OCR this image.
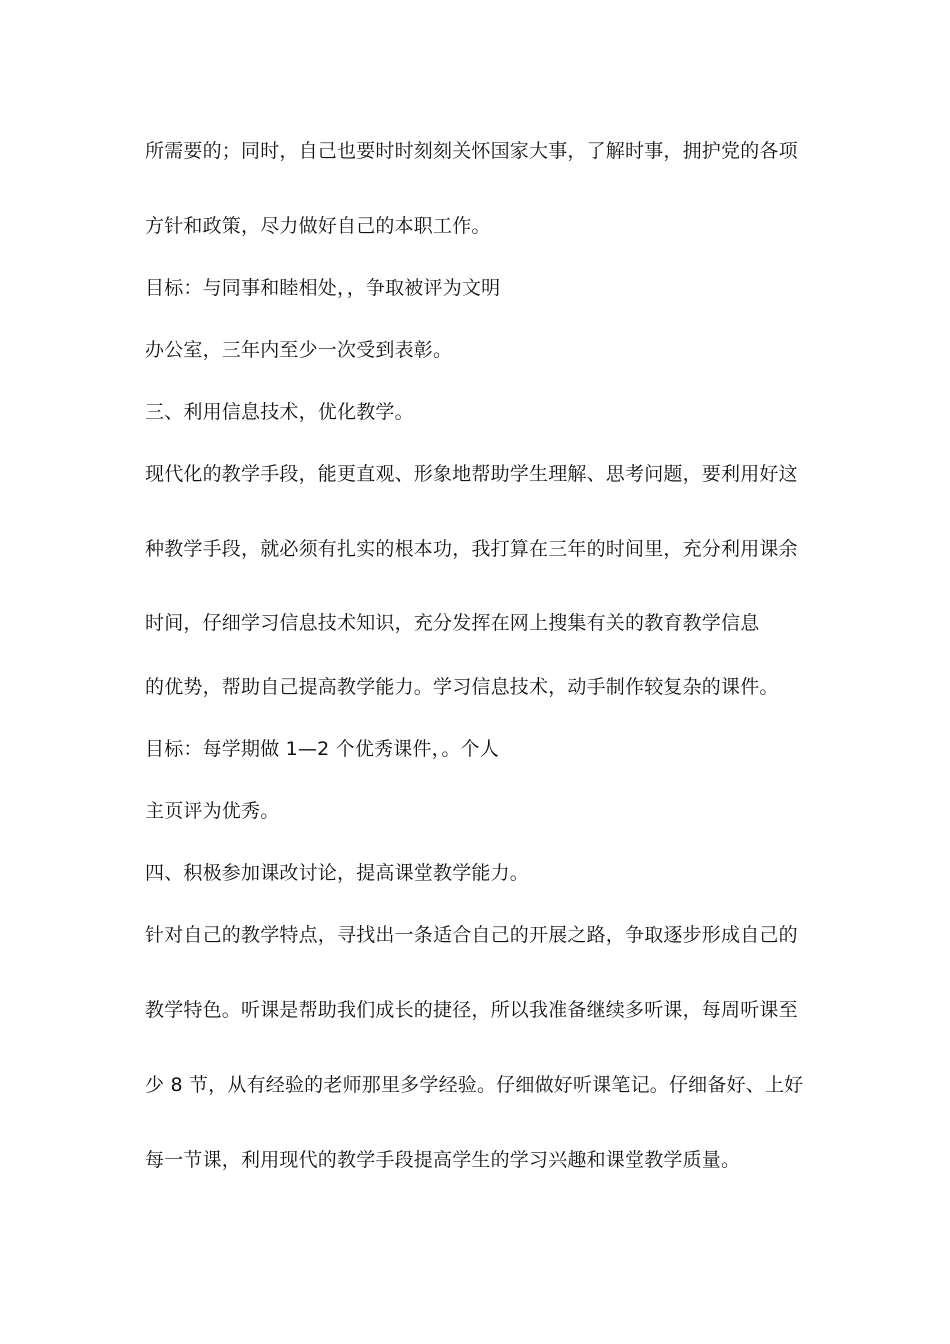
所需要的；同时，自己也要时时刻刻关怀国家大事，了解时事，拥护党的各项
方针和政策，尽力做好自己的本职工作。
目标：与同事和睦相处，，争取被评为文明
办公室，三年内至少一次受到表彰。
三、利用信息技术，优化教学。
现代化的教学手段，能更直观、形象地帮助学生理解、思考问题，要利用好这
种教学手段，就必须有扎实的根本功，我打算在三年的时间里，充分利用课余
时间，仔细学习信息技术知识，充分发挥在网上搜集有关的教育教学信息
的优势，帮助自己提高教学能力。学习信息技术，动手制作较复杂的课件。
目标：每学期做 1—2 个优秀课件，。个人
主页评为优秀。
四、积极参加课改讨论，提高课堂教学能力。
针对自己的教学特点，寻找出一条适合自己的开展之路，争取逐步形成自己的
教学特色。听课是帮助我们成长的捷径，所以我准备继续多听课，每周听课至
少 8 节，从有经验的老师那里多学经验。仔细做好听课笔记。仔细备好、上好
每一节课，利用现代的教学手段提高学生的学习兴趣和课堂教学质量。
